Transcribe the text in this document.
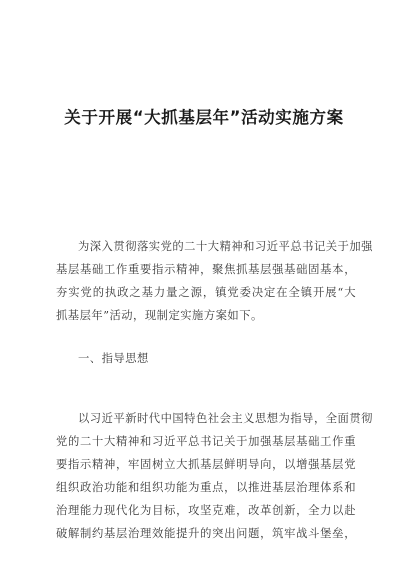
关于开展“大抓基层年”活动实施方案
为深入贯彻落实党的二十大精神和习近平总书记关于加强
基层基础工作重要指示精神，聚焦抓基层强基础固基本，
夯实党的执政之基力量之源，镇党委决定在全镇开展“大
抓基层年”活动，现制定实施方案如下。
一、指导思想
以习近平新时代中国特色社会主义思想为指导，全面贯彻
党的二十大精神和习近平总书记关于加强基层基础工作重
要指示精神，牢固树立大抓基层鲜明导向，以增强基层党
组织政治功能和组织功能为重点，以推进基层治理体系和
治理能力现代化为目标，攻坚克难，改革创新，全力以赴
破解制约基层治理效能提升的突出问题，筑牢战斗堡垒，
